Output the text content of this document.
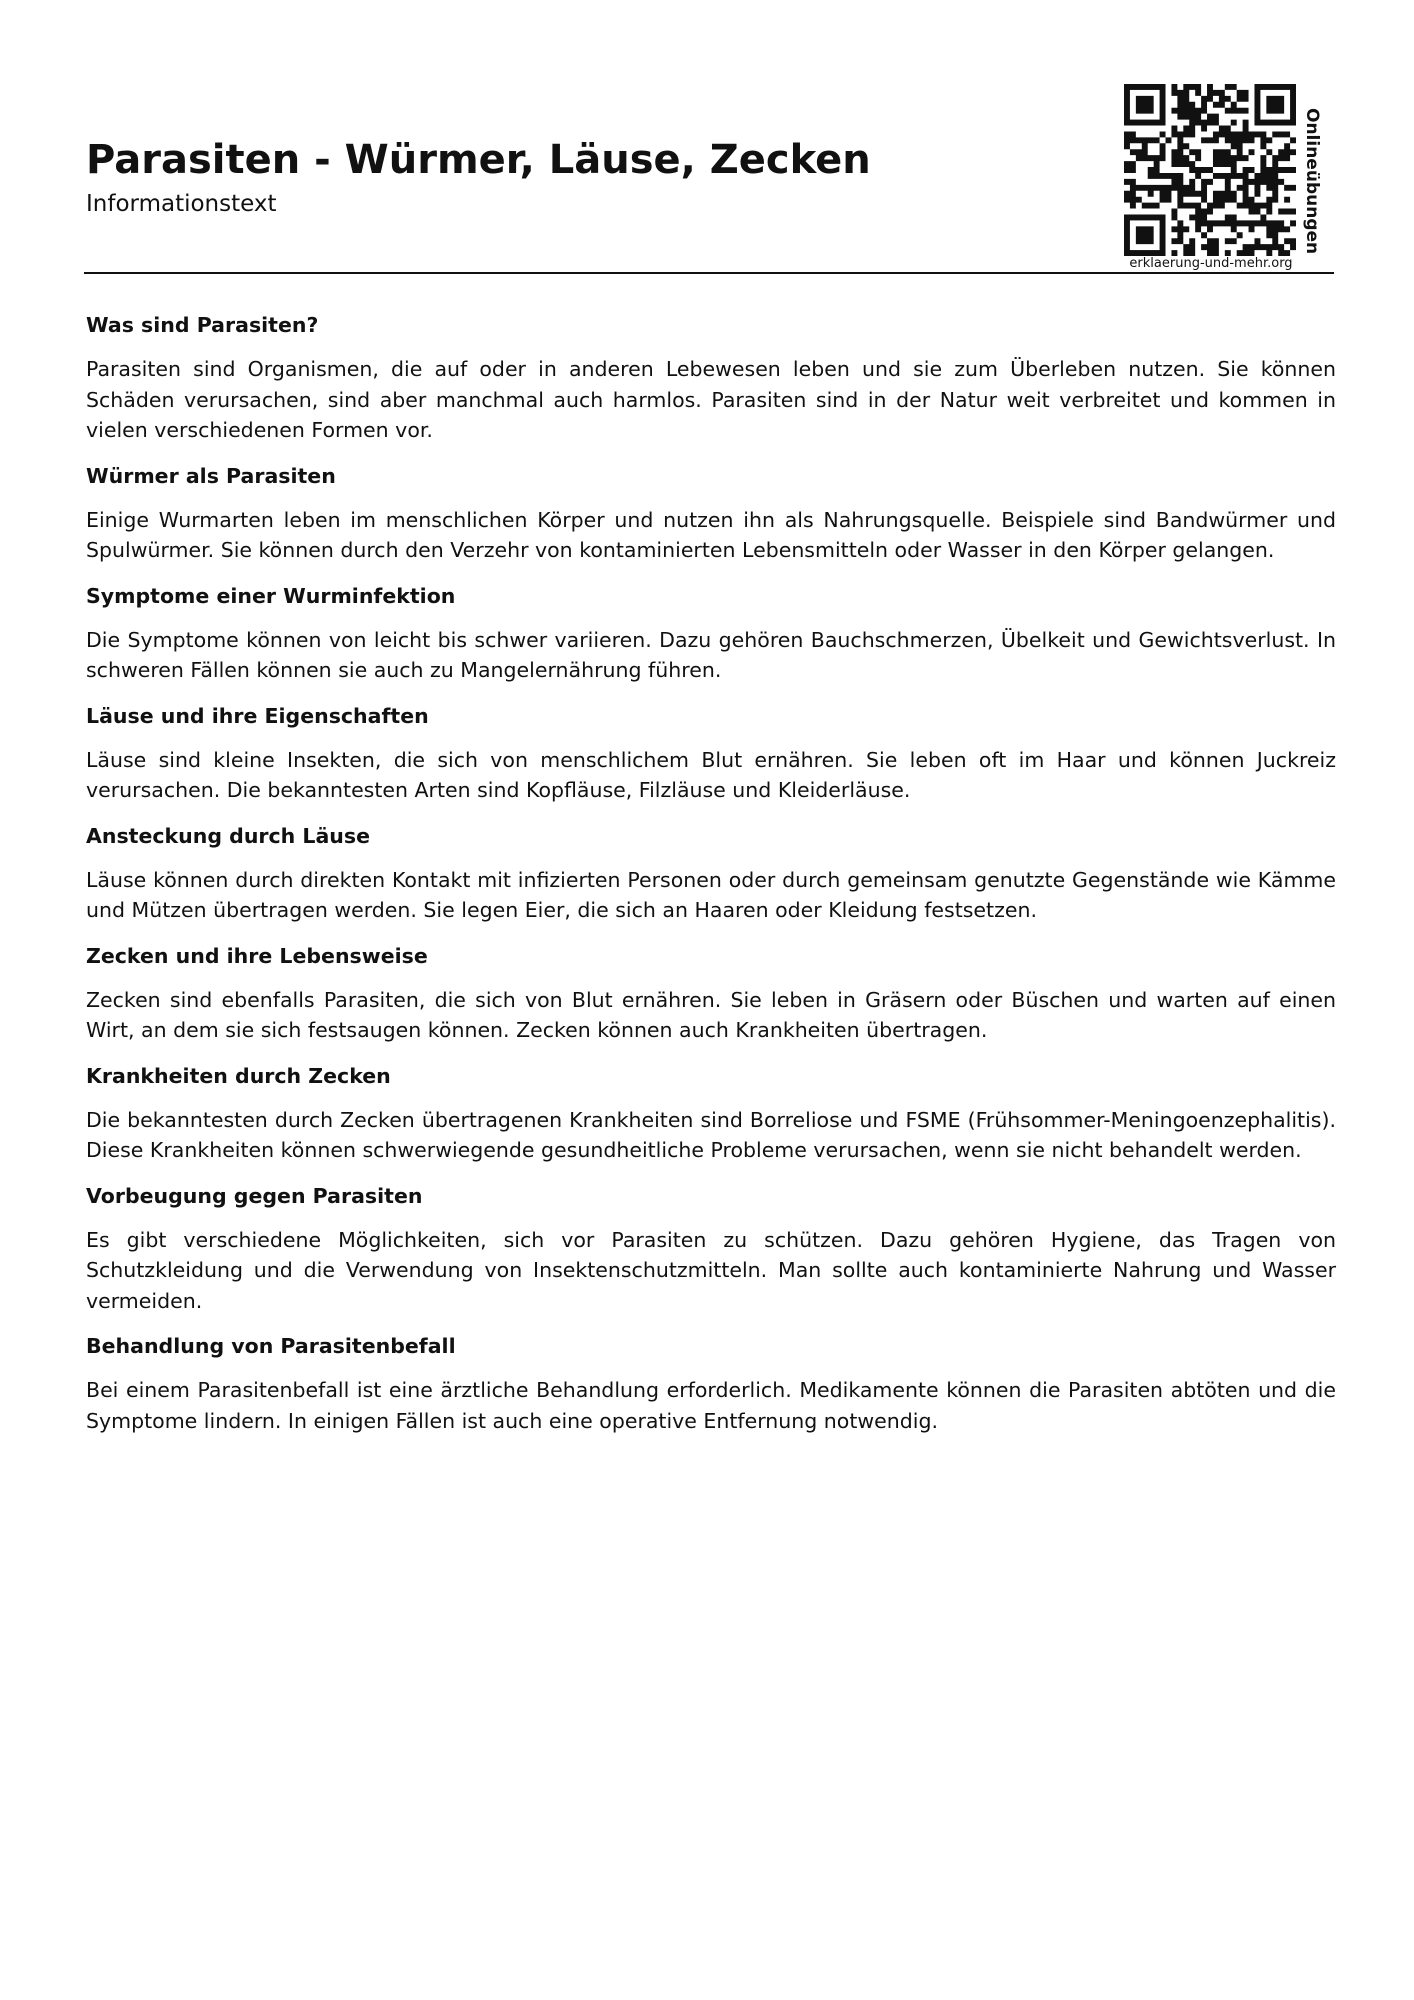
Parasiten - Würmer, Läuse, Zecken
Informationstext	Onlineübungen
erklaerung-und-mehr.org
Was sind Parasiten?

Parasiten sind Organismen, die auf oder in anderen Lebewesen leben und sie zum Überleben nutzen. Sie können Schäden verursachen, sind aber manchmal auch harmlos. Parasiten sind in der Natur weit verbreitet und kommen in vielen verschiedenen Formen vor.

Würmer als Parasiten

Einige Wurmarten leben im menschlichen Körper und nutzen ihn als Nahrungsquelle. Beispiele sind Bandwürmer und Spulwürmer. Sie können durch den Verzehr von kontaminierten Lebensmitteln oder Wasser in den Körper gelangen.

Symptome einer Wurminfektion

Die Symptome können von leicht bis schwer variieren. Dazu gehören Bauchschmerzen, Übelkeit und Gewichtsverlust. In schweren Fällen können sie auch zu Mangelernährung führen.

Läuse und ihre Eigenschaften

Läuse sind kleine Insekten, die sich von menschlichem Blut ernähren. Sie leben oft im Haar und können Juckreiz verursachen. Die bekanntesten Arten sind Kopfläuse, Filzläuse und Kleiderläuse.

Ansteckung durch Läuse

Läuse können durch direkten Kontakt mit infizierten Personen oder durch gemeinsam genutzte Gegenstände wie Kämme und Mützen übertragen werden. Sie legen Eier, die sich an Haaren oder Kleidung festsetzen.

Zecken und ihre Lebensweise

Zecken sind ebenfalls Parasiten, die sich von Blut ernähren. Sie leben in Gräsern oder Büschen und warten auf einen Wirt, an dem sie sich festsaugen können. Zecken können auch Krankheiten übertragen.

Krankheiten durch Zecken

Die bekanntesten durch Zecken übertragenen Krankheiten sind Borreliose und FSME (Frühsommer-Meningoenzephalitis). Diese Krankheiten können schwerwiegende gesundheitliche Probleme verursachen, wenn sie nicht behandelt werden.

Vorbeugung gegen Parasiten

Es gibt verschiedene Möglichkeiten, sich vor Parasiten zu schützen. Dazu gehören Hygiene, das Tragen von Schutzkleidung und die Verwendung von Insektenschutzmitteln. Man sollte auch kontaminierte Nahrung und Wasser vermeiden.

Behandlung von Parasitenbefall

Bei einem Parasitenbefall ist eine ärztliche Behandlung erforderlich. Medikamente können die Parasiten abtöten und die Symptome lindern. In einigen Fällen ist auch eine operative Entfernung notwendig.
